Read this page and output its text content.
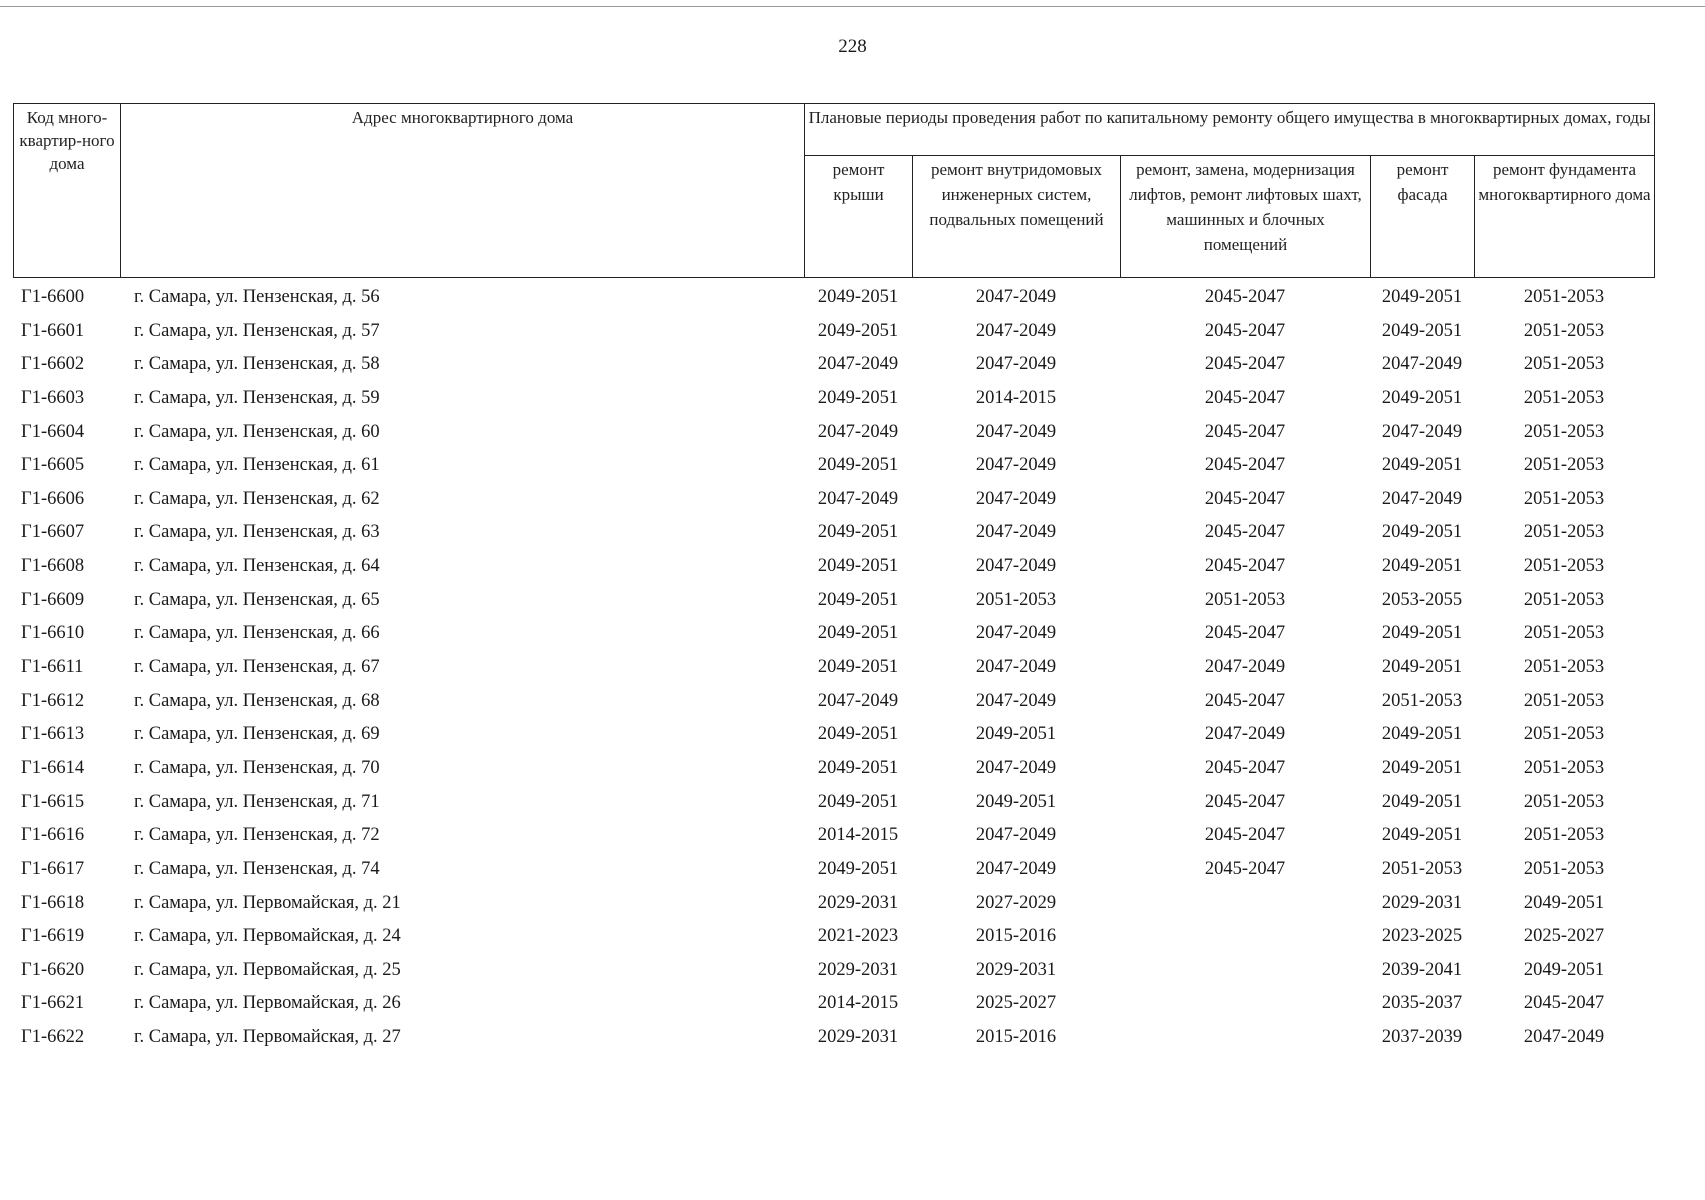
228
Код много-квартир-ного дома	Адрес многоквартирного дома	Плановые периоды проведения работ по капитальному ремонту общего имущества в многоквартирных домах, годы				
		ремонт крыши	ремонт внутридомовых инженерных систем, подвальных помещений	ремонт, замена, модернизация лифтов, ремонт лифтовых шахт, машинных и блочных помещений	ремонт фасада	ремонт фундамента многоквартирного дома
Г1-6600	г. Самара, ул. Пензенская, д. 56	2049-2051	2047-2049	2045-2047	2049-2051	2051-2053
Г1-6601	г. Самара, ул. Пензенская, д. 57	2049-2051	2047-2049	2045-2047	2049-2051	2051-2053
Г1-6602	г. Самара, ул. Пензенская, д. 58	2047-2049	2047-2049	2045-2047	2047-2049	2051-2053
Г1-6603	г. Самара, ул. Пензенская, д. 59	2049-2051	2014-2015	2045-2047	2049-2051	2051-2053
Г1-6604	г. Самара, ул. Пензенская, д. 60	2047-2049	2047-2049	2045-2047	2047-2049	2051-2053
Г1-6605	г. Самара, ул. Пензенская, д. 61	2049-2051	2047-2049	2045-2047	2049-2051	2051-2053
Г1-6606	г. Самара, ул. Пензенская, д. 62	2047-2049	2047-2049	2045-2047	2047-2049	2051-2053
Г1-6607	г. Самара, ул. Пензенская, д. 63	2049-2051	2047-2049	2045-2047	2049-2051	2051-2053
Г1-6608	г. Самара, ул. Пензенская, д. 64	2049-2051	2047-2049	2045-2047	2049-2051	2051-2053
Г1-6609	г. Самара, ул. Пензенская, д. 65	2049-2051	2051-2053	2051-2053	2053-2055	2051-2053
Г1-6610	г. Самара, ул. Пензенская, д. 66	2049-2051	2047-2049	2045-2047	2049-2051	2051-2053
Г1-6611	г. Самара, ул. Пензенская, д. 67	2049-2051	2047-2049	2047-2049	2049-2051	2051-2053
Г1-6612	г. Самара, ул. Пензенская, д. 68	2047-2049	2047-2049	2045-2047	2051-2053	2051-2053
Г1-6613	г. Самара, ул. Пензенская, д. 69	2049-2051	2049-2051	2047-2049	2049-2051	2051-2053
Г1-6614	г. Самара, ул. Пензенская, д. 70	2049-2051	2047-2049	2045-2047	2049-2051	2051-2053
Г1-6615	г. Самара, ул. Пензенская, д. 71	2049-2051	2049-2051	2045-2047	2049-2051	2051-2053
Г1-6616	г. Самара, ул. Пензенская, д. 72	2014-2015	2047-2049	2045-2047	2049-2051	2051-2053
Г1-6617	г. Самара, ул. Пензенская, д. 74	2049-2051	2047-2049	2045-2047	2051-2053	2051-2053
Г1-6618	г. Самара, ул. Первомайская, д. 21	2029-2031	2027-2029		2029-2031	2049-2051
Г1-6619	г. Самара, ул. Первомайская, д. 24	2021-2023	2015-2016		2023-2025	2025-2027
Г1-6620	г. Самара, ул. Первомайская, д. 25	2029-2031	2029-2031		2039-2041	2049-2051
Г1-6621	г. Самара, ул. Первомайская, д. 26	2014-2015	2025-2027		2035-2037	2045-2047
Г1-6622	г. Самара, ул. Первомайская, д. 27	2029-2031	2015-2016		2037-2039	2047-2049
